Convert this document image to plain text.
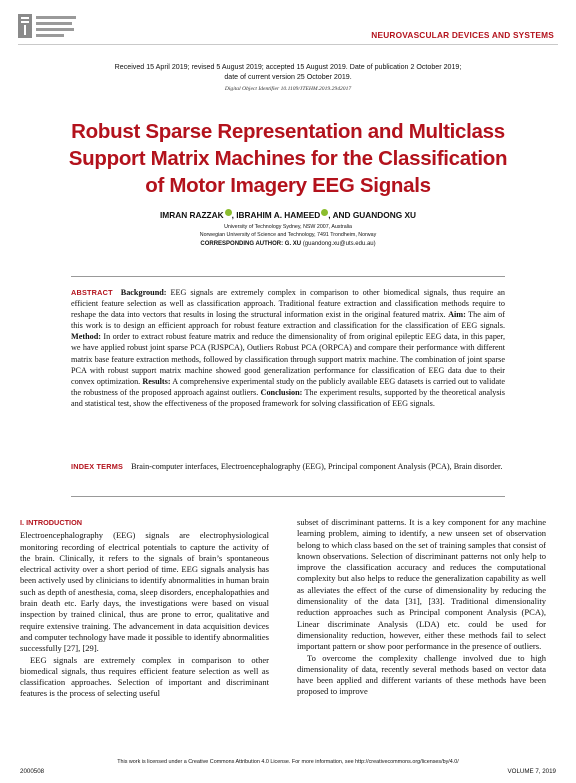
NEUROVASCULAR DEVICES AND SYSTEMS
Received 15 April 2019; revised 5 August 2019; accepted 15 August 2019. Date of publication 2 October 2019;
date of current version 25 October 2019.
Digital Object Identifier 10.1109/JTEHM.2019.2942017
Robust Sparse Representation and Multiclass
Support Matrix Machines for the Classification
of Motor Imagery EEG Signals
IMRAN RAZZAK , IBRAHIM A. HAMEED , AND GUANDONG XU
University of Technology Sydney, NSW 2007, Australia
Norwegian University of Science and Technology, 7491 Trondheim, Norway
CORRESPONDING AUTHOR: G. XU (guandong.xu@uts.edu.au)
ABSTRACT Background: EEG signals are extremely complex in comparison to other biomedical signals, thus require an efficient feature selection as well as classification approach. Traditional feature extraction and classification methods require to reshape the data into vectors that results in losing the structural information exist in the original featured matrix. Aim: The aim of this work is to design an efficient approach for robust feature extraction and classification for the classification of EEG signals. Method: In order to extract robust feature matrix and reduce the dimensionality of from original epileptic EEG data, in this paper, we have applied robust joint sparse PCA (RJSPCA), Outliers Robust PCA (ORPCA) and compare their performance with different matrix base feature extraction methods, followed by classification through support matrix machine. The combination of joint sparse PCA with robust support matrix machine showed good generalization performance for classification of EEG data due to their convex optimization. Results: A comprehensive experimental study on the publicly available EEG datasets is carried out to validate the robustness of the proposed approach against outliers. Conclusion: The experiment results, supported by the theoretical analysis and statistical test, show the effectiveness of the proposed framework for solving classification of EEG signals.
INDEX TERMS Brain-computer interfaces, Electroencephalography (EEG), Principal component Analysis (PCA), Brain disorder.
I. INTRODUCTION

Electroencephalography (EEG) signals are electrophysiological monitoring recording of electrical potentials to capture the activity of the brain. Clinically, it refers to the signals of brain’s spontaneous electrical activity over a short period of time. EEG signals analysis has been actively used by clinicians to identify abnormalities in human brain such as depth of anesthesia, coma, sleep disorders, encephalopathies and brain death etc. Early days, the investigations were based on visual inspection by trained clinical, thus are prone to error, qualitative and require extensive training. The advancement in data acquisition devices and computer technology have made it possible to identify abnormalities successfully [27], [29].

EEG signals are extremely complex in comparison to other biomedical signals, thus requires efficient feature selection as well as classification approaches. Selection of important and discriminant features is the process of selecting useful

subset of discriminant patterns. It is a key component for any machine learning problem, aiming to identify, a new unseen set of observation belong to which class based on the set of training samples that consist of known observations. Selection of discriminant patterns not only help to improve the classification accuracy and reduces the computational complexity but also helps to reduce the generalization capability as well as alleviates the effect of the curse of dimensionality by reducing the dimensionality of the data [31], [33]. Traditional dimensionality reduction approaches such as Principal component Analysis (PCA), Linear discriminate Analysis (LDA) etc. could be used for dimensionality reduction, however, either these methods fail to select important pattern or show poor performance in the presence of outliers.

To overcome the complexity challenge involved due to high dimensionality of data, recently several methods based on vector data have been applied and different variants of these methods have been proposed to improve

This work is licensed under a Creative Commons Attribution 4.0 License. For more information, see http://creativecommons.org/licenses/by/4.0/
2000508	VOLUME 7, 2019
